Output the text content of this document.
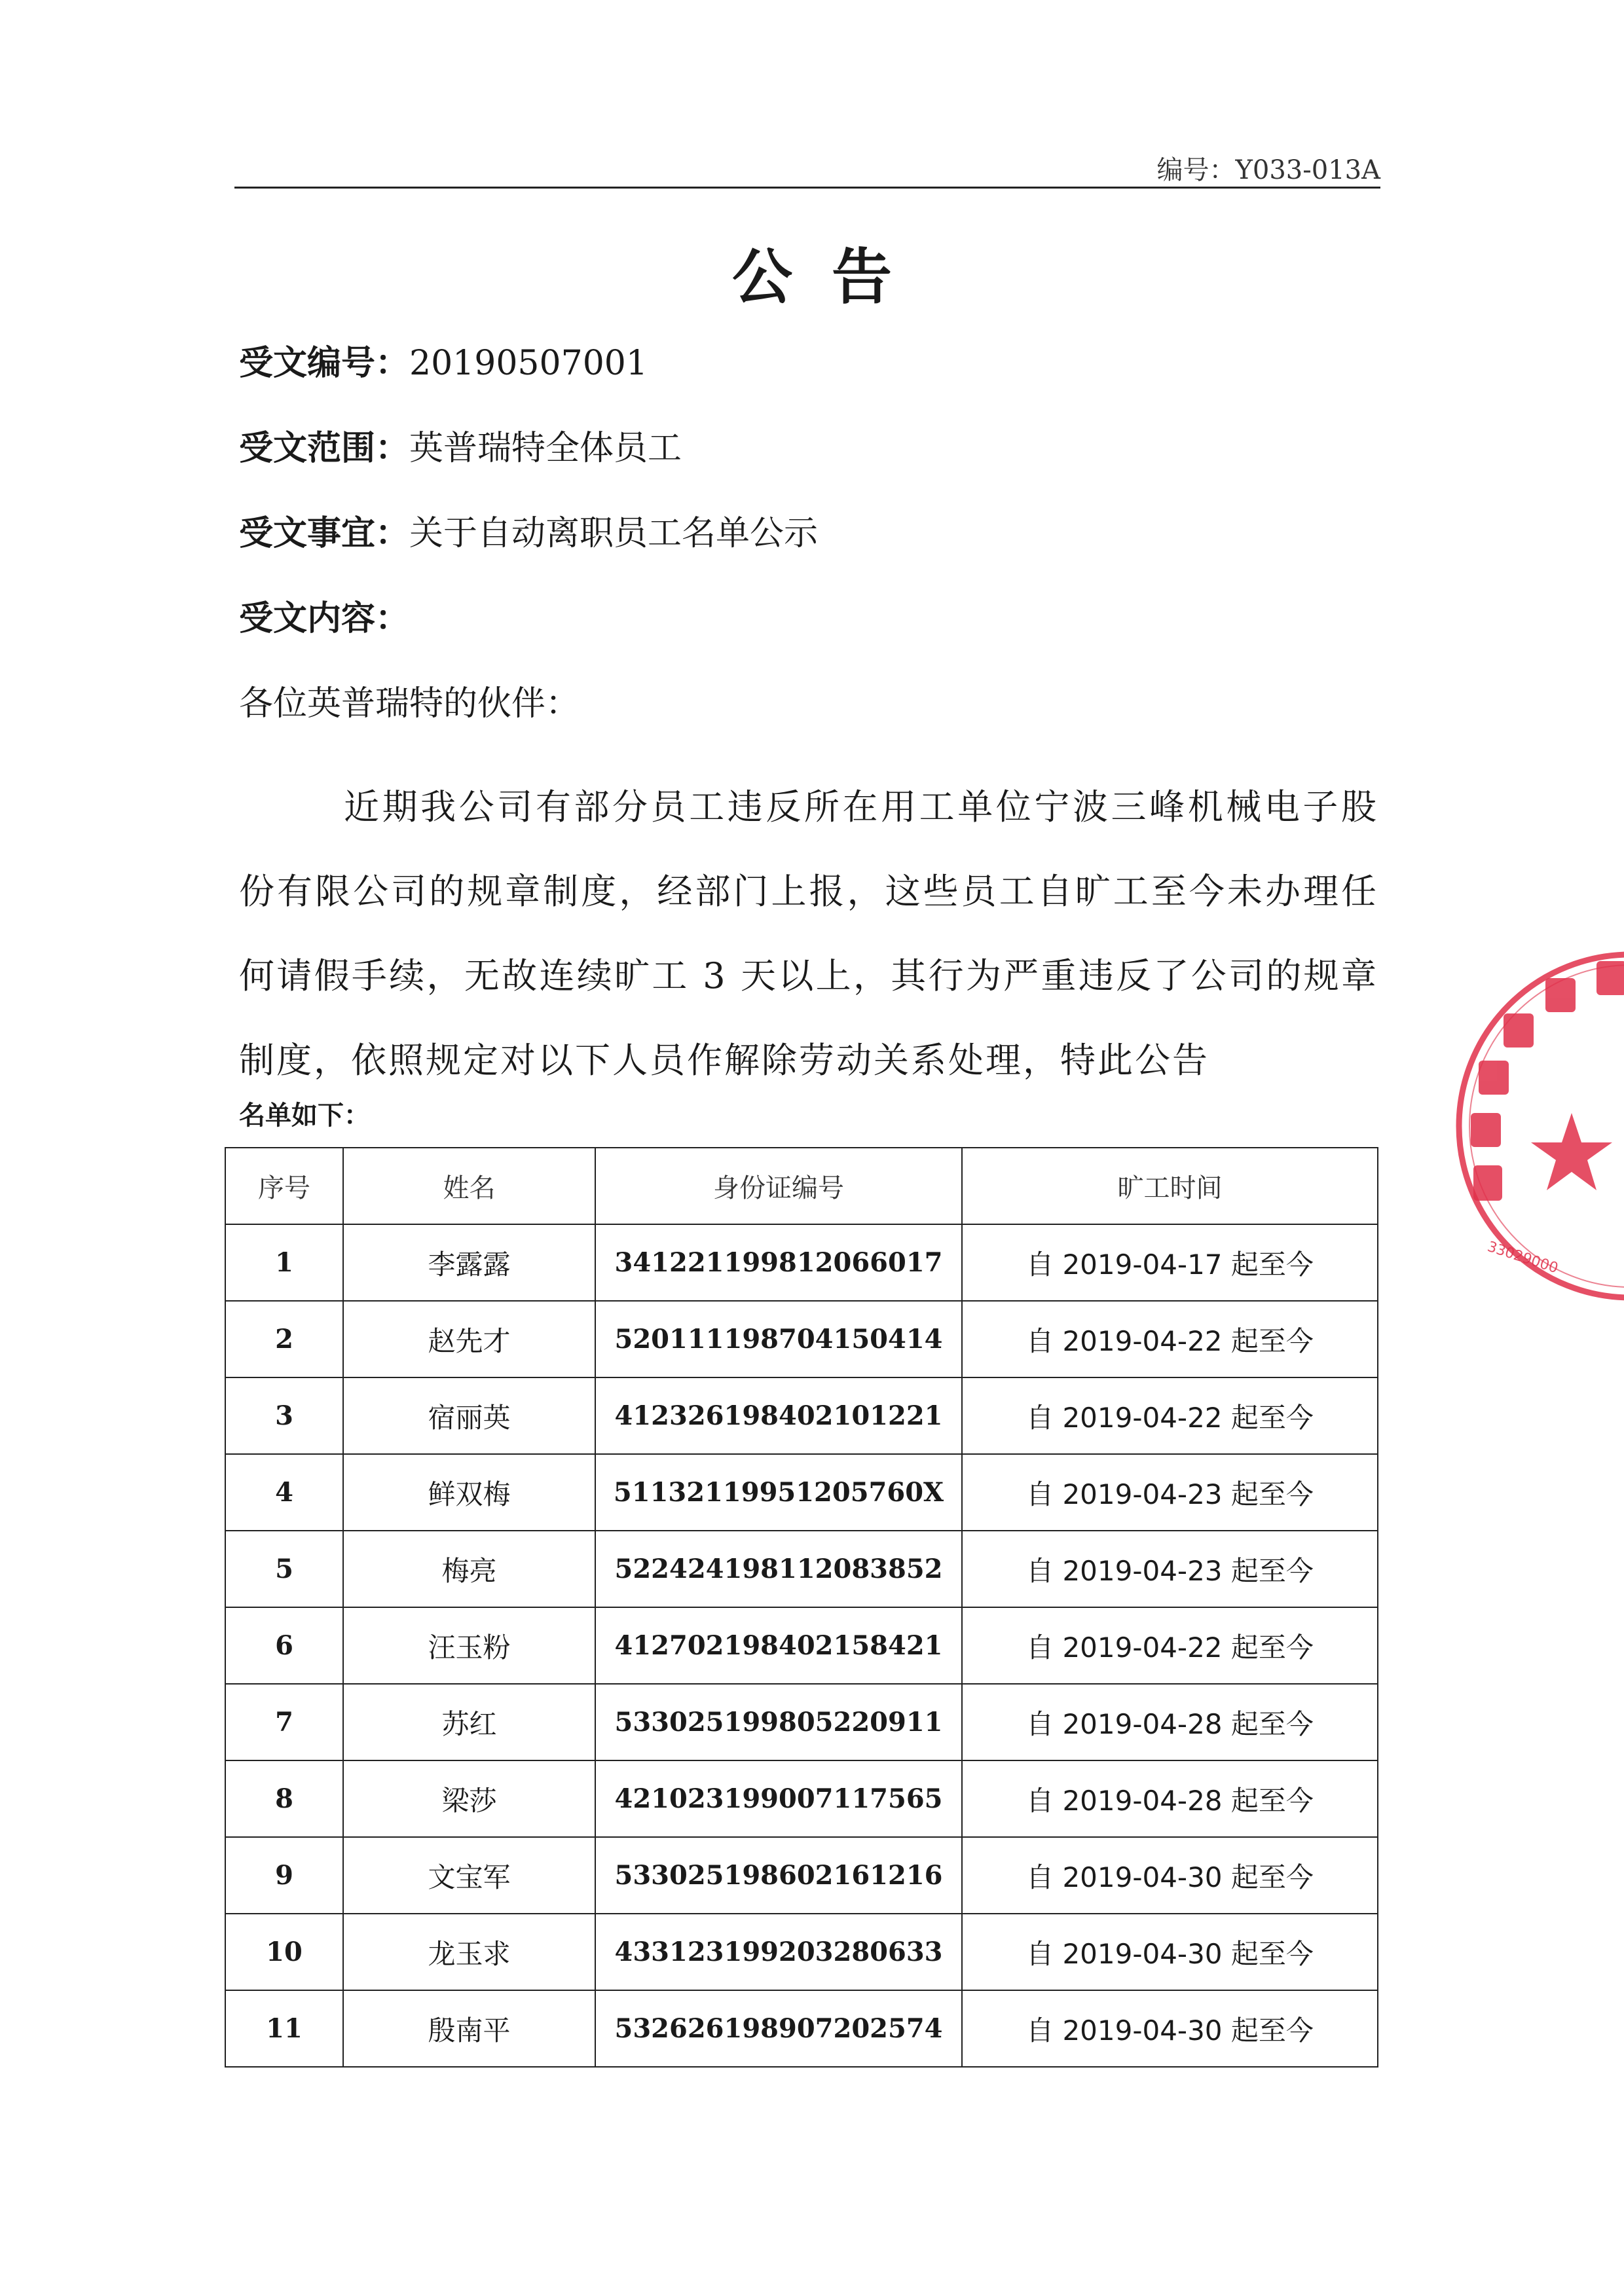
编号：Y033-013A
公告
受文编号：20190507001
受文范围：英普瑞特全体员工
受文事宜：关于自动离职员工名单公示
受文内容：
各位英普瑞特的伙伴：
近期我公司有部分员工违反所在用工单位宁波三峰机械电子股份有限公司的规章制度，经部门上报，这些员工自旷工至今未办理任何请假手续，无故连续旷工 3 天以上，其行为严重违反了公司的规章制度，依照规定对以下人员作解除劳动关系处理，特此公告
名单如下：
序号	姓名	身份证编号	旷工时间
1	李露露	341221199812066017	自 2019-04-17 起至今
2	赵先才	520111198704150414	自 2019-04-22 起至今
3	宿丽英	412326198402101221	自 2019-04-22 起至今
4	鲜双梅	51132119951205760X	自 2019-04-23 起至今
5	梅亮	522424198112083852	自 2019-04-23 起至今
6	汪玉粉	412702198402158421	自 2019-04-22 起至今
7	苏红	533025199805220911	自 2019-04-28 起至今
8	梁莎	421023199007117565	自 2019-04-28 起至今
9	文宝军	533025198602161216	自 2019-04-30 起至今
10	龙玉求	433123199203280633	自 2019-04-30 起至今
11	殷南平	532626198907202574	自 2019-04-30 起至今
33029000
